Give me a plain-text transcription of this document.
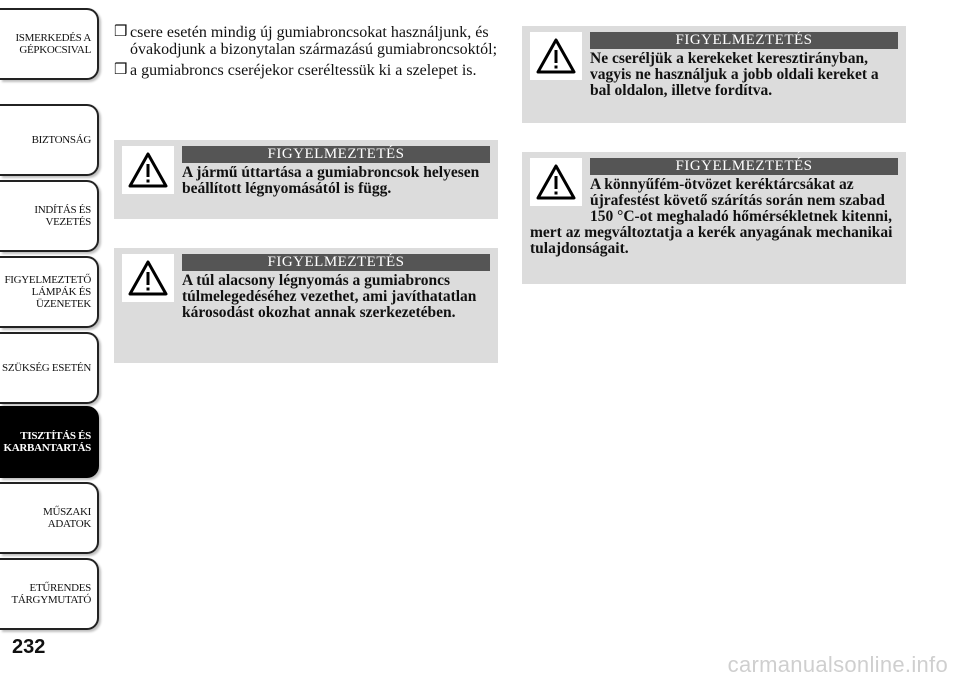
ISMERKEDÉS A
GÉPKOCSIVAL
BIZTONSÁG
INDÍTÁS ÉS
VEZETÉS
FIGYELMEZTETŐ
LÁMPÁK ÉS
ÜZENETEK
SZÜKSÉG ESETÉN
TISZTÍTÁS ÉS
KARBANTARTÁS
MŰSZAKI ADATOK
ETŰRENDES
TÁRGYMUTATÓ
232
carmanualsonline.info
❒ csere esetén mindig új gumiabroncsokat használjunk, és óvakodjunk a bizonytalan származású gumiabroncsoktól;
❒ a gumiabroncs cseréjekor cseréltessük ki a szelepet is.
FIGYELMEZTETÉS
A jármű úttartása a gumiabroncsok helyesen beállított légnyomásától is függ.
FIGYELMEZTETÉS
A túl alacsony légnyomás a gumiabroncs túlmelegedéséhez vezethet, ami javíthatatlan károsodást okozhat annak szerkezetében.
FIGYELMEZTETÉS
Ne cseréljük a kerekeket keresztirányban, vagyis ne használjuk a jobb oldali kereket a bal oldalon, illetve fordítva.
FIGYELMEZTETÉS
A könnyűfém-ötvözet keréktárcsákat az újrafestést követő szárítás során nem szabad 150 °C-ot meghaladó hőmérsékletnek kitenni, mert az megváltoztatja a kerék anyagának mechanikai tulajdonságait.
